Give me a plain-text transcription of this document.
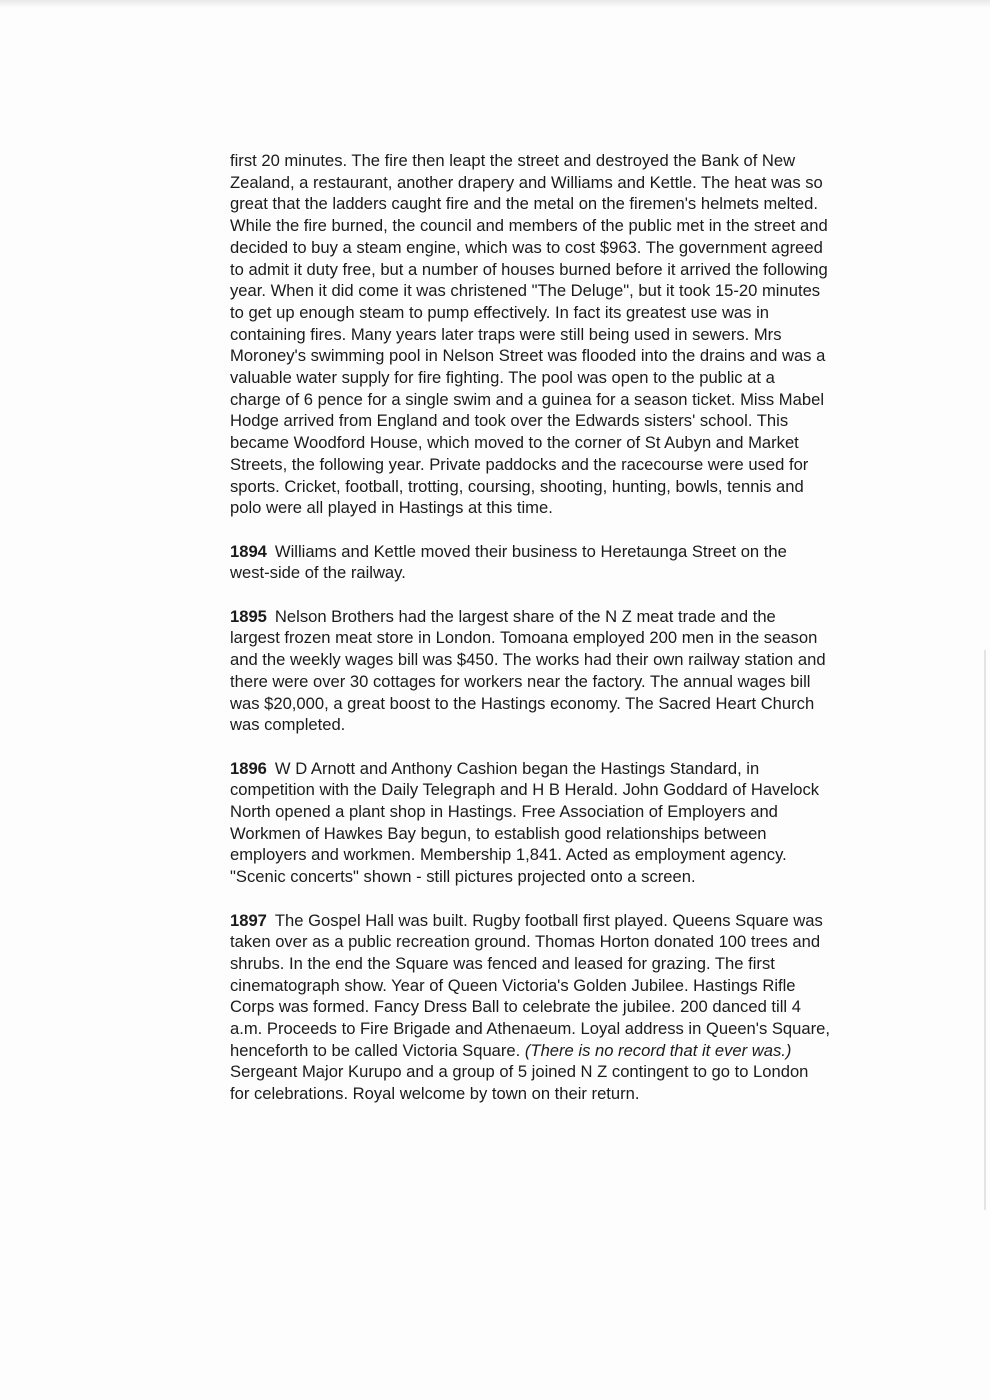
first 20 minutes. The fire then leapt the street and destroyed the Bank of New Zealand, a restaurant, another drapery and Williams and Kettle. The heat was so great that the ladders caught fire and the metal on the firemen's helmets melted. While the fire burned, the council and members of the public met in the street and decided to buy a steam engine, which was to cost $963. The government agreed to admit it duty free, but a number of houses burned before it arrived the following year. When it did come it was christened "The Deluge", but it took 15-20 minutes to get up enough steam to pump effectively. In fact its greatest use was in containing fires. Many years later traps were still being used in sewers. Mrs Moroney's swimming pool in Nelson Street was flooded into the drains and was a valuable water supply for fire fighting. The pool was open to the public at a charge of 6 pence for a single swim and a guinea for a season ticket. Miss Mabel Hodge arrived from England and took over the Edwards sisters' school. This became Woodford House, which moved to the corner of St Aubyn and Market Streets, the following year. Private paddocks and the racecourse were used for sports. Cricket, football, trotting, coursing, shooting, hunting, bowls, tennis and polo were all played in Hastings at this time.

1894 Williams and Kettle moved their business to Heretaunga Street on the west-side of the railway.

1895 Nelson Brothers had the largest share of the N Z meat trade and the largest frozen meat store in London. Tomoana employed 200 men in the season and the weekly wages bill was $450. The works had their own railway station and there were over 30 cottages for workers near the factory. The annual wages bill was $20,000, a great boost to the Hastings economy. The Sacred Heart Church was completed.

1896 W D Arnott and Anthony Cashion began the Hastings Standard, in competition with the Daily Telegraph and H B Herald. John Goddard of Havelock North opened a plant shop in Hastings. Free Association of Employers and Workmen of Hawkes Bay begun, to establish good relationships between employers and workmen. Membership 1,841. Acted as employment agency. "Scenic concerts" shown - still pictures projected onto a screen.

1897 The Gospel Hall was built. Rugby football first played. Queens Square was taken over as a public recreation ground. Thomas Horton donated 100 trees and shrubs. In the end the Square was fenced and leased for grazing. The first cinematograph show. Year of Queen Victoria's Golden Jubilee. Hastings Rifle Corps was formed. Fancy Dress Ball to celebrate the jubilee. 200 danced till 4 a.m. Proceeds to Fire Brigade and Athenaeum. Loyal address in Queen's Square, henceforth to be called Victoria Square. (There is no record that it ever was.) Sergeant Major Kurupo and a group of 5 joined N Z contingent to go to London for celebrations. Royal welcome by town on their return.
